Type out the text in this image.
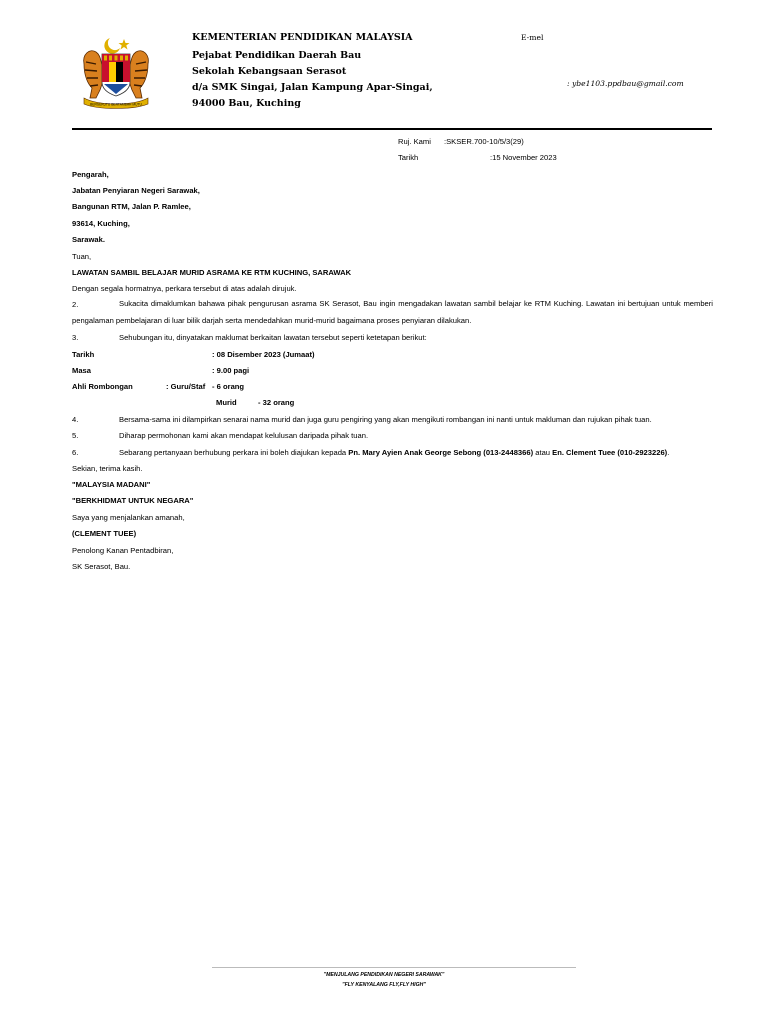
BERSEKUTU BERTAMBAH MUTU
KEMENTERIAN PENDIDIKAN MALAYSIA
Pejabat Pendidikan Daerah Bau
Sekolah Kebangsaan Serasot
d/a SMK Singai, Jalan Kampung Apar-Singai,
94000 Bau, Kuching
E-mel
: ybe1103.ppdbau@gmail.com
Ruj. Kami :SKSER.700-10/5/3(29)
Tarikh	:15 November 2023
Pengarah,
Jabatan Penyiaran Negeri Sarawak,
Bangunan RTM, Jalan P. Ramlee,
93614, Kuching,
Sarawak.
Tuan,
LAWATAN SAMBIL BELAJAR MURID ASRAMA KE RTM KUCHING, SARAWAK
Dengan segala hormatnya, perkara tersebut di atas adalah dirujuk.
2.	Sukacita dimaklumkan bahawa pihak pengurusan asrama SK Serasot, Bau ingin mengadakan lawatan sambil belajar ke RTM Kuching. Lawatan ini bertujuan untuk memberi pengalaman pembelajaran di luar bilik darjah serta mendedahkan murid-murid bagaimana proses penyiaran dilakukan.
3.	Sehubungan itu, dinyatakan maklumat berkaitan lawatan tersebut seperti ketetapan berikut:
Tarikh	: 08 Disember 2023 (Jumaat)
Masa	: 9.00 pagi
Ahli Rombongan	: Guru/Staf - 6 orang
Murid	- 32 orang
4.	Bersama-sama ini dilampirkan senarai nama murid dan juga guru pengiring yang akan mengikuti rombangan ini nanti untuk makluman dan rujukan pihak tuan.
5.	Diharap permohonan kami akan mendapat kelulusan daripada pihak tuan.
6.	Sebarang pertanyaan berhubung perkara ini boleh diajukan kepada Pn. Mary Ayien Anak George Sebong (013-2448366) atau En. Clement Tuee (010-2923226).
Sekian, terima kasih.
"MALAYSIA MADANI"
"BERKHIDMAT UNTUK NEGARA"
Saya yang menjalankan amanah,
(CLEMENT TUEE)
Penolong Kanan Pentadbiran,
SK Serasot, Bau.
"MENJULANG PENDIDIKAN NEGERI SARAWAK"
"FLY KENYALANG FLY,FLY HIGH"
